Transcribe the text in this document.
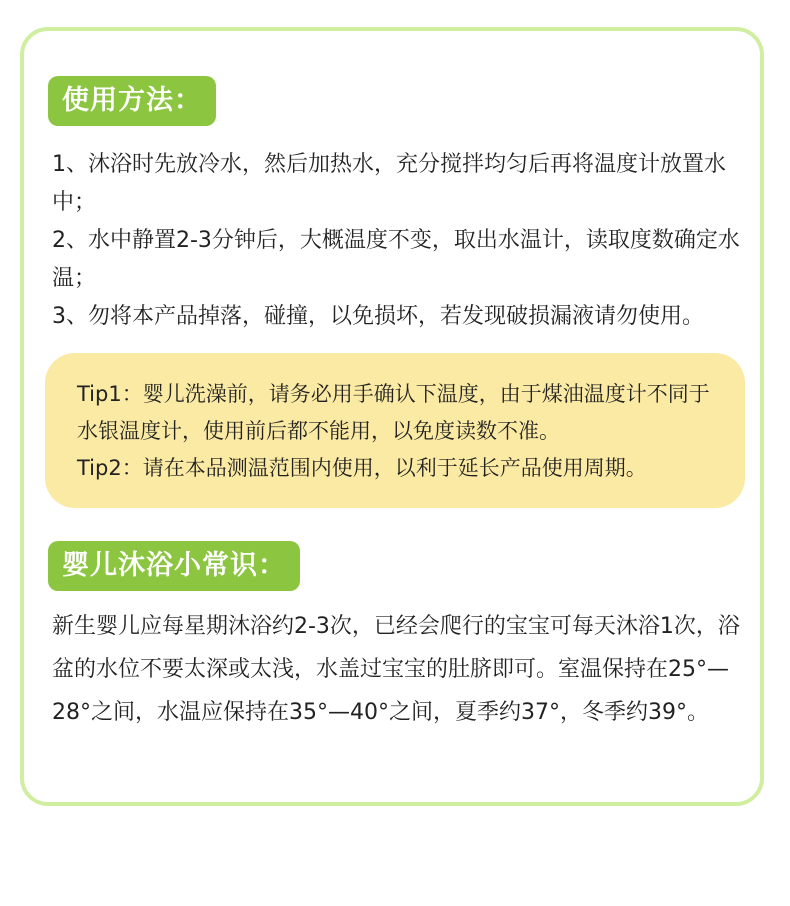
使用方法：

1、沐浴时先放冷水，然后加热水，充分搅拌均匀后再将温度计放置水中；

2、水中静置2-3分钟后，大概温度不变，取出水温计，读取度数确定水温；

3、勿将本产品掉落，碰撞，以免损坏，若发现破损漏液请勿使用。

Tip1：婴儿洗澡前，请务必用手确认下温度，由于煤油温度计不同于水银温度计，使用前后都不能用，以免度读数不准。

Tip2：请在本品测温范围内使用，以利于延长产品使用周期。

婴儿沐浴小常识：

新生婴儿应每星期沐浴约2-3次，已经会爬行的宝宝可每天沐浴1次，浴盆的水位不要太深或太浅，水盖过宝宝的肚脐即可。室温保持在25°—28°之间，水温应保持在35°—40°之间，夏季约37°，冬季约39°。
